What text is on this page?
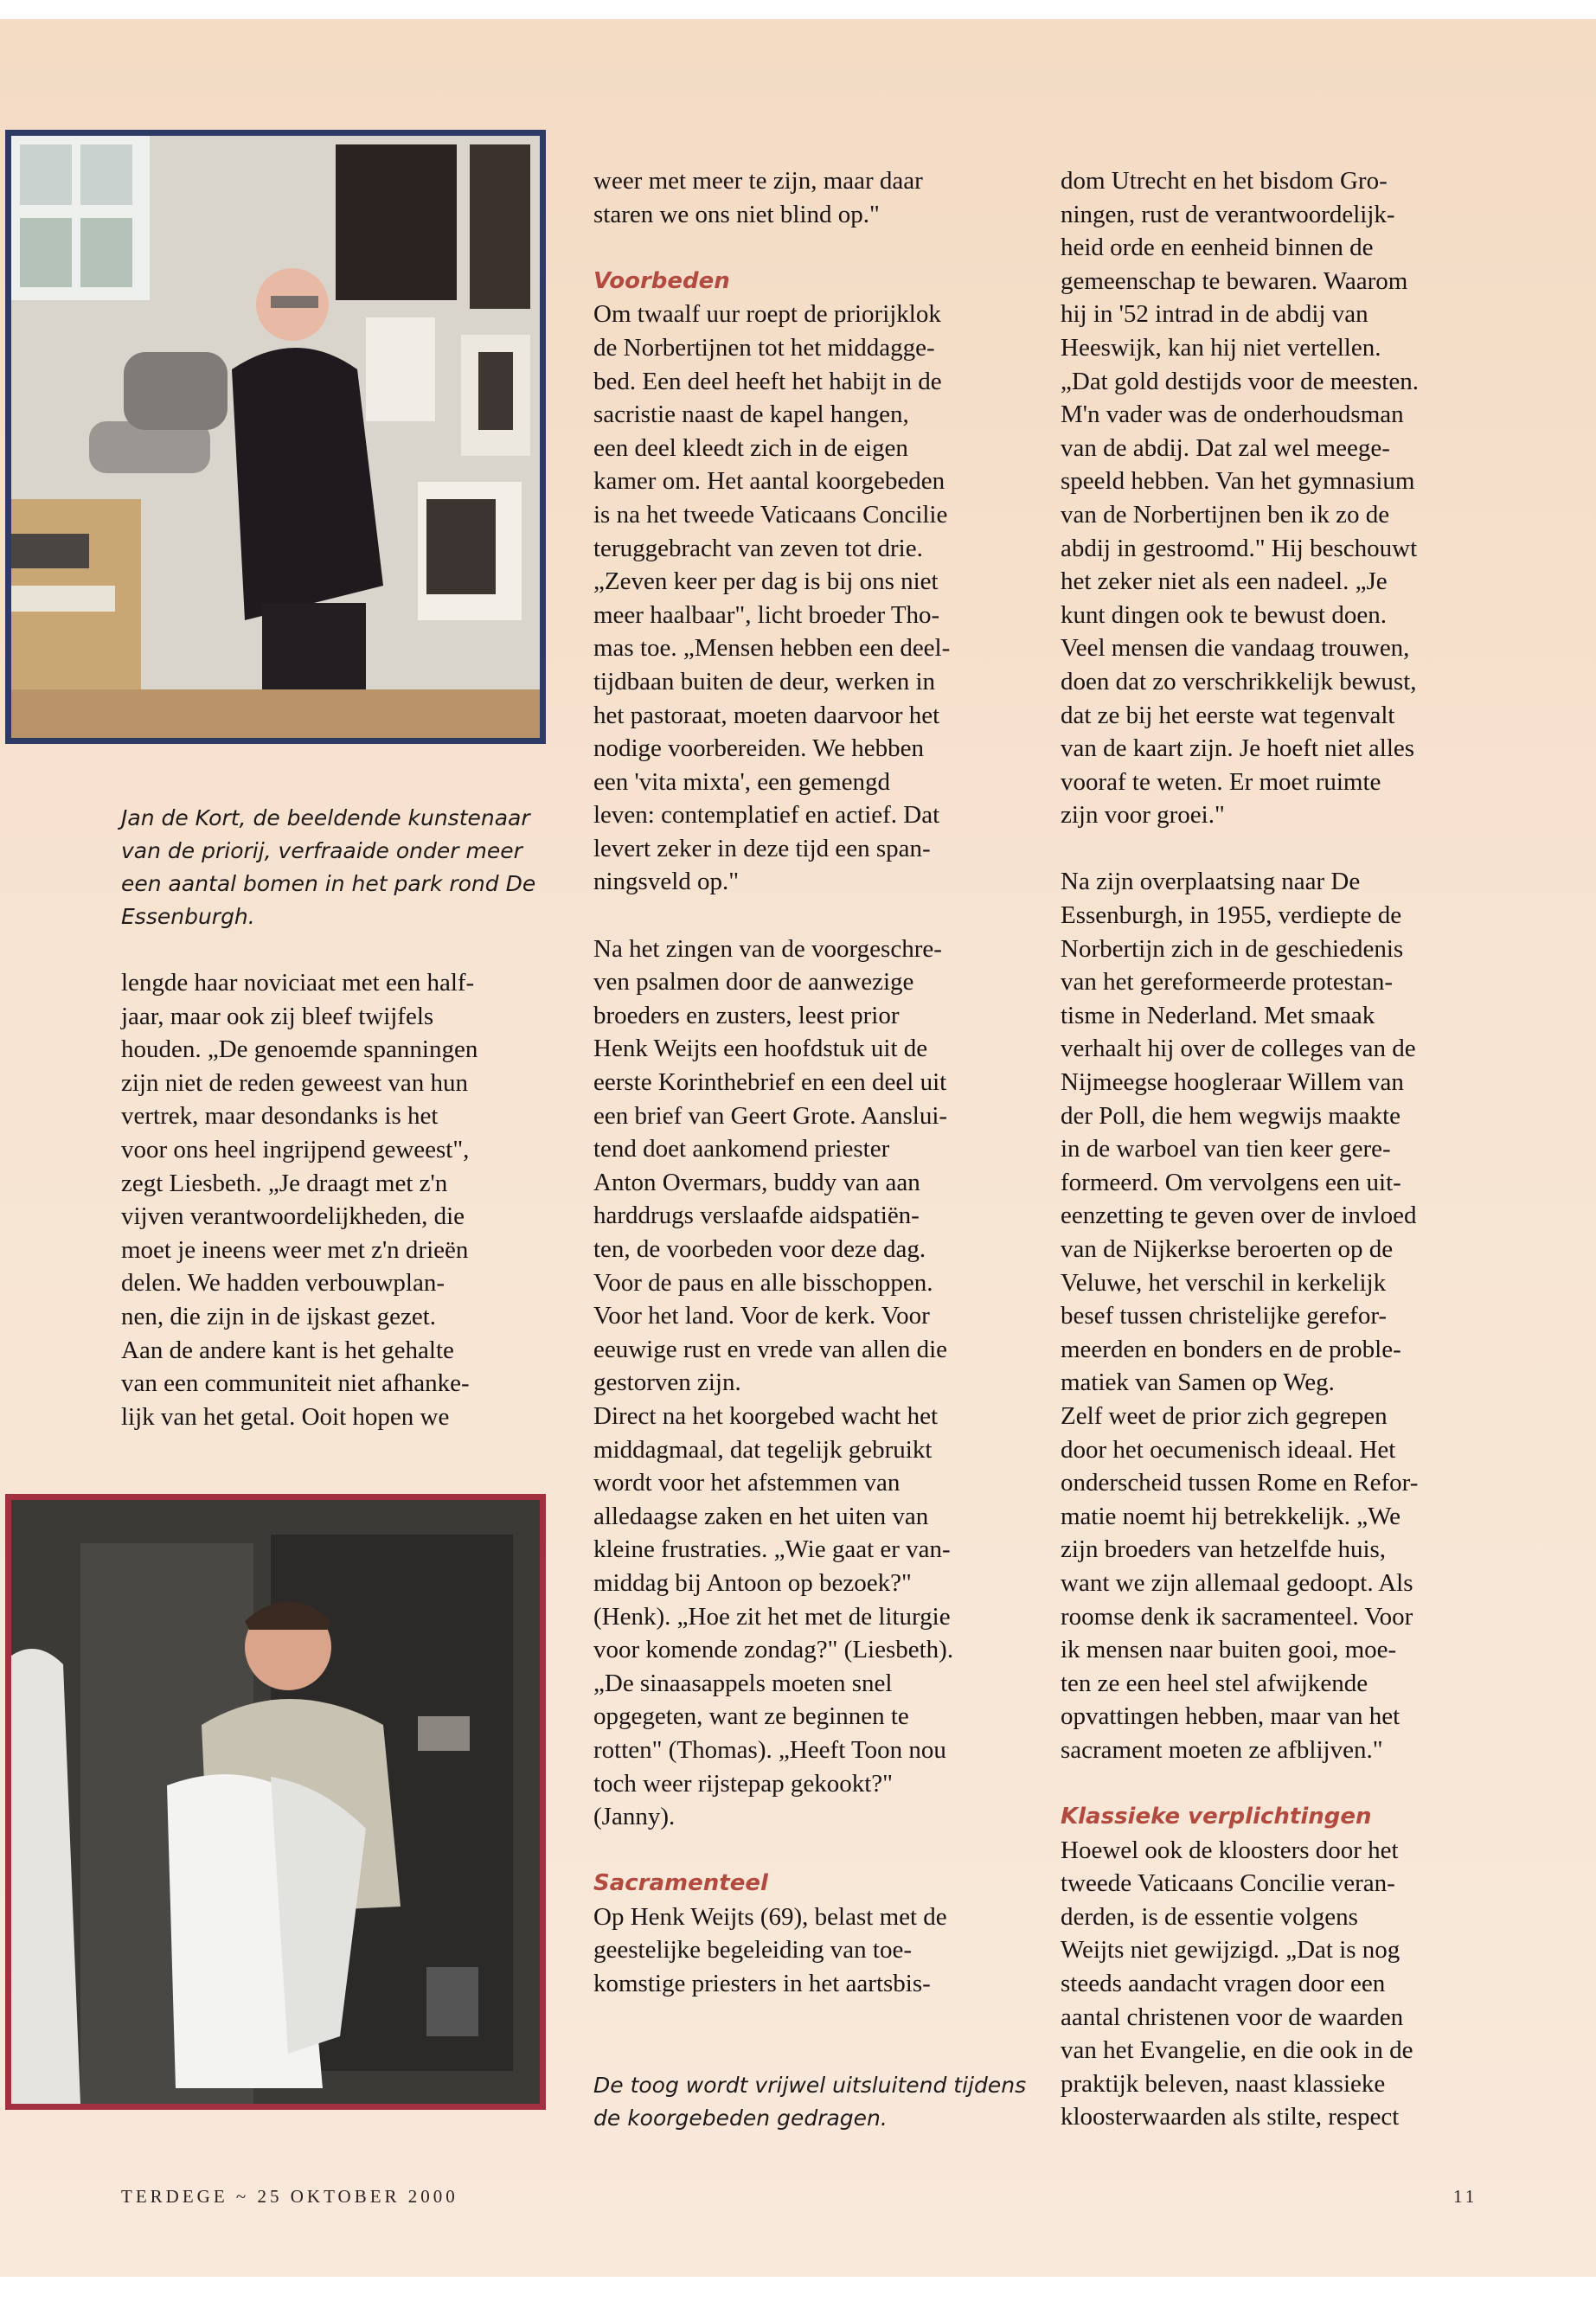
Jan de Kort, de beeldende kunstenaar

van de priorij, verfraaide onder meer

een aantal bomen in het park rond De

Essenburgh.

lengde haar noviciaat met een half-

jaar, maar ook zij bleef twijfels

houden. „De genoemde spanningen

zijn niet de reden geweest van hun

vertrek, maar desondanks is het

voor ons heel ingrijpend geweest",

zegt Liesbeth. „Je draagt met z'n

vijven verantwoordelijkheden, die

moet je ineens weer met z'n drieën

delen. We hadden verbouwplan-

nen, die zijn in de ijskast gezet.

Aan de andere kant is het gehalte

van een communiteit niet afhanke-

lijk van het getal. Ooit hopen we

weer met meer te zijn, maar daar

staren we ons niet blind op."

Voorbeden

Om twaalf uur roept de priorijklok

de Norbertijnen tot het middagge-

bed. Een deel heeft het habijt in de

sacristie naast de kapel hangen,

een deel kleedt zich in de eigen

kamer om. Het aantal koorgebeden

is na het tweede Vaticaans Concilie

teruggebracht van zeven tot drie.

„Zeven keer per dag is bij ons niet

meer haalbaar", licht broeder Tho-

mas toe. „Mensen hebben een deel-

tijdbaan buiten de deur, werken in

het pastoraat, moeten daarvoor het

nodige voorbereiden. We hebben

een 'vita mixta', een gemengd

leven: contemplatief en actief. Dat

levert zeker in deze tijd een span-

ningsveld op."

Na het zingen van de voorgeschre-

ven psalmen door de aanwezige

broeders en zusters, leest prior

Henk Weijts een hoofdstuk uit de

eerste Korinthebrief en een deel uit

een brief van Geert Grote. Aanslui-

tend doet aankomend priester

Anton Overmars, buddy van aan

harddrugs verslaafde aidspatiën-

ten, de voorbeden voor deze dag.

Voor de paus en alle bisschoppen.

Voor het land. Voor de kerk. Voor

eeuwige rust en vrede van allen die

gestorven zijn.

Direct na het koorgebed wacht het

middagmaal, dat tegelijk gebruikt

wordt voor het afstemmen van

alledaagse zaken en het uiten van

kleine frustraties. „Wie gaat er van-

middag bij Antoon op bezoek?"

(Henk). „Hoe zit het met de liturgie

voor komende zondag?" (Liesbeth).

„De sinaasappels moeten snel

opgegeten, want ze beginnen te

rotten" (Thomas). „Heeft Toon nou

toch weer rijstepap gekookt?"

(Janny).

Sacramenteel

Op Henk Weijts (69), belast met de

geestelijke begeleiding van toe-

komstige priesters in het aartsbis-

De toog wordt vrijwel uitsluitend tijdens

de koorgebeden gedragen.

dom Utrecht en het bisdom Gro-

ningen, rust de verantwoordelijk-

heid orde en eenheid binnen de

gemeenschap te bewaren. Waarom

hij in '52 intrad in de abdij van

Heeswijk, kan hij niet vertellen.

„Dat gold destijds voor de meesten.

M'n vader was de onderhoudsman

van de abdij. Dat zal wel meege-

speeld hebben. Van het gymnasium

van de Norbertijnen ben ik zo de

abdij in gestroomd." Hij beschouwt

het zeker niet als een nadeel. „Je

kunt dingen ook te bewust doen.

Veel mensen die vandaag trouwen,

doen dat zo verschrikkelijk bewust,

dat ze bij het eerste wat tegenvalt

van de kaart zijn. Je hoeft niet alles

vooraf te weten. Er moet ruimte

zijn voor groei."

Na zijn overplaatsing naar De

Essenburgh, in 1955, verdiepte de

Norbertijn zich in de geschiedenis

van het gereformeerde protestan-

tisme in Nederland. Met smaak

verhaalt hij over de colleges van de

Nijmeegse hoogleraar Willem van

der Poll, die hem wegwijs maakte

in de warboel van tien keer gere-

formeerd. Om vervolgens een uit-

eenzetting te geven over de invloed

van de Nijkerkse beroerten op de

Veluwe, het verschil in kerkelijk

besef tussen christelijke gerefor-

meerden en bonders en de proble-

matiek van Samen op Weg.

Zelf weet de prior zich gegrepen

door het oecumenisch ideaal. Het

onderscheid tussen Rome en Refor-

matie noemt hij betrekkelijk. „We

zijn broeders van hetzelfde huis,

want we zijn allemaal gedoopt. Als

roomse denk ik sacramenteel. Voor

ik mensen naar buiten gooi, moe-

ten ze een heel stel afwijkende

opvattingen hebben, maar van het

sacrament moeten ze afblijven."

Klassieke verplichtingen

Hoewel ook de kloosters door het

tweede Vaticaans Concilie veran-

derden, is de essentie volgens

Weijts niet gewijzigd. „Dat is nog

steeds aandacht vragen door een

aantal christenen voor de waarden

van het Evangelie, en die ook in de

praktijk beleven, naast klassieke

kloosterwaarden als stilte, respect

TERDEGE ~ 25 OKTOBER 2000	11
